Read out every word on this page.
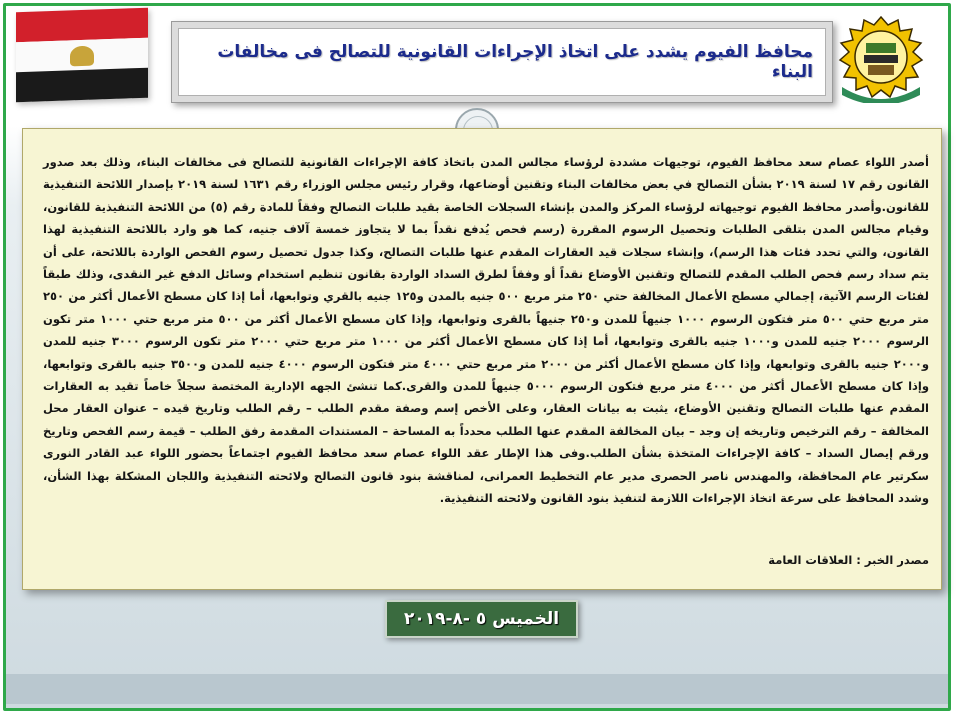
محافظ الفيوم يشدد على اتخاذ الإجراءات القانونية للتصالح فى مخالفات البناء

أصدر اللواء عصام سعد محافظ الفيوم، توجيهات مشددة لرؤساء مجالس المدن باتخاذ كافة الإجراءات القانونية للتصالح فى مخالفات البناء، وذلك بعد صدور القانون رقم ١٧ لسنة ٢٠١٩ بشأن التصالح في بعض مخالفات البناء وتقنين أوضاعها، وقرار رئيس مجلس الوزراء رقم ١٦٣١ لسنة ٢٠١٩ بإصدار اللائحة التنفيذية للقانون.وأصدر محافظ الفيوم توجيهاته لرؤساء المركز والمدن بإنشاء السجلات الخاصة بقيد طلبات التصالح وفقاً للمادة رقم (٥) من اللائحة التنفيذية للقانون، وقيام مجالس المدن بتلقى الطلبات وتحصيل الرسوم المقررة (رسم فحص يُدفع نقداً بما لا يتجاوز خمسة آلاف جنيه، كما هو وارد باللائحة التنفيذية لهذا القانون، والتي تحدد فئات هذا الرسم)، وإنشاء سجلات قيد العقارات المقدم عنها طلبات التصالح، وكذا جدول تحصيل رسوم الفحص الواردة باللائحة، على أن يتم سداد رسم فحص الطلب المقدم للتصالح وتقنين الأوضاع نقداً أو وفقاً لطرق السداد الواردة بقانون تنظيم استخدام وسائل الدفع غير النقدى، وذلك طبقاً لفئات الرسم الآتية، إجمالي مسطح الأعمال المخالفة حتي ٢٥٠ متر مربع ٥٠٠ جنيه بالمدن و١٢٥ جنيه بالقري وتوابعها، أما إذا كان مسطح الأعمال أكثر من ٢٥٠ متر مربع حتي ٥٠٠ متر فتكون الرسوم ١٠٠٠ جنيهاً للمدن و٢٥٠ جنيهاً بالقرى وتوابعها، وإذا كان مسطح الأعمال أكثر من ٥٠٠ متر مربع حتي ١٠٠٠ متر تكون الرسوم ٢٠٠٠ جنيه للمدن و١٠٠٠ جنيه بالقرى وتوابعها، أما إذا كان مسطح الأعمال أكثر من ١٠٠٠ متر مربع حتي ٢٠٠٠ متر تكون الرسوم ٣٠٠٠ جنيه للمدن و٢٠٠٠ جنيه بالقرى وتوابعها، وإذا كان مسطح الأعمال أكثر من ٢٠٠٠ متر مربع حتي ٤٠٠٠ متر فتكون الرسوم ٤٠٠٠ جنيه للمدن و٣٥٠٠ جنيه بالقرى وتوابعها، وإذا كان مسطح الأعمال أكثر من ٤٠٠٠ متر مربع فتكون الرسوم ٥٠٠٠ جنيهاً للمدن والقرى.كما تنشئ الجهه الإدارية المختصة سجلاً خاصاً تقيد به العقارات المقدم عنها طلبات التصالح وتقنين الأوضاع، يثبت به بيانات العقار، وعلى الأخص إسم وصفة مقدم الطلب – رقم الطلب وتاريخ قيده – عنوان العقار محل المخالفة – رقم الترخيص وتاريخه إن وجد – بيان المخالفة المقدم عنها الطلب محدداً به المساحة – المستندات المقدمة رفق الطلب – قيمة رسم الفحص وتاريخ ورقم إيصال السداد – كافة الإجراءات المتخذة بشأن الطلب.وفى هذا الإطار عقد اللواء عصام سعد محافظ الفيوم اجتماعاً بحضور اللواء عبد القادر النورى سكرتير عام المحافظة، والمهندس ناصر الحصرى مدير عام التخطيط العمرانى، لمناقشة بنود قانون التصالح ولائحته التنفيذية واللجان المشكلة بهذا الشأن، وشدد المحافظ على سرعة اتخاذ الإجراءات اللازمة لتنفيذ بنود القانون ولائحته التنفيذية.

مصدر الخبر : العلاقات العامة
الخميس ٥ -٨-٢٠١٩
